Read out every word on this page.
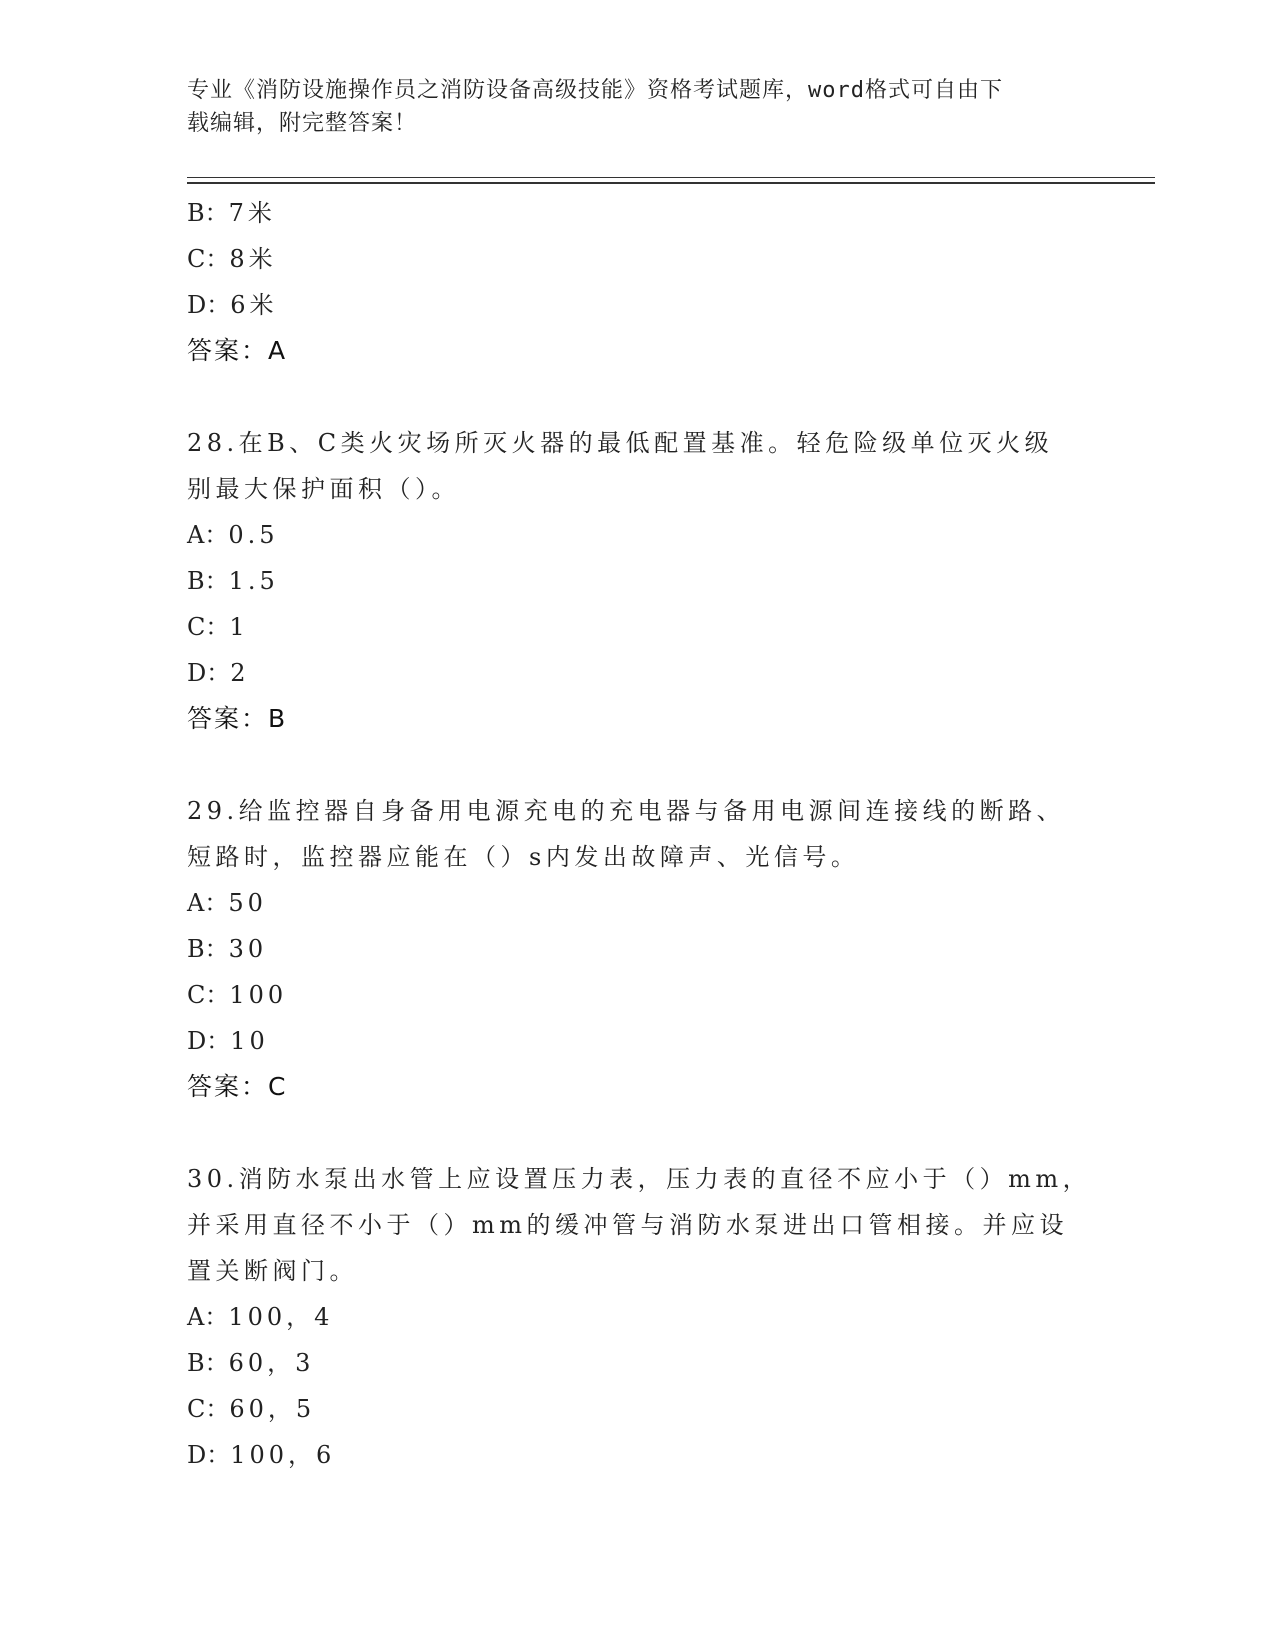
专业《消防设施操作员之消防设备高级技能》资格考试题库，word格式可自由下
载编辑，附完整答案！
B：7米
C：8米
D：6米
答案：A
28.在B、C类火灾场所灭火器的最低配置基准。轻危险级单位灭火级
别最大保护面积（）。
A：0.5
B：1.5
C：1
D：2
答案：B
29.给监控器自身备用电源充电的充电器与备用电源间连接线的断路、
短路时，监控器应能在（）s内发出故障声、光信号。
A：50
B：30
C：100
D：10
答案：C
30.消防水泵出水管上应设置压力表，压力表的直径不应小于（）mm，
并采用直径不小于（）mm的缓冲管与消防水泵进出口管相接。并应设
置关断阀门。
A：100，4
B：60，3
C：60，5
D：100，6
